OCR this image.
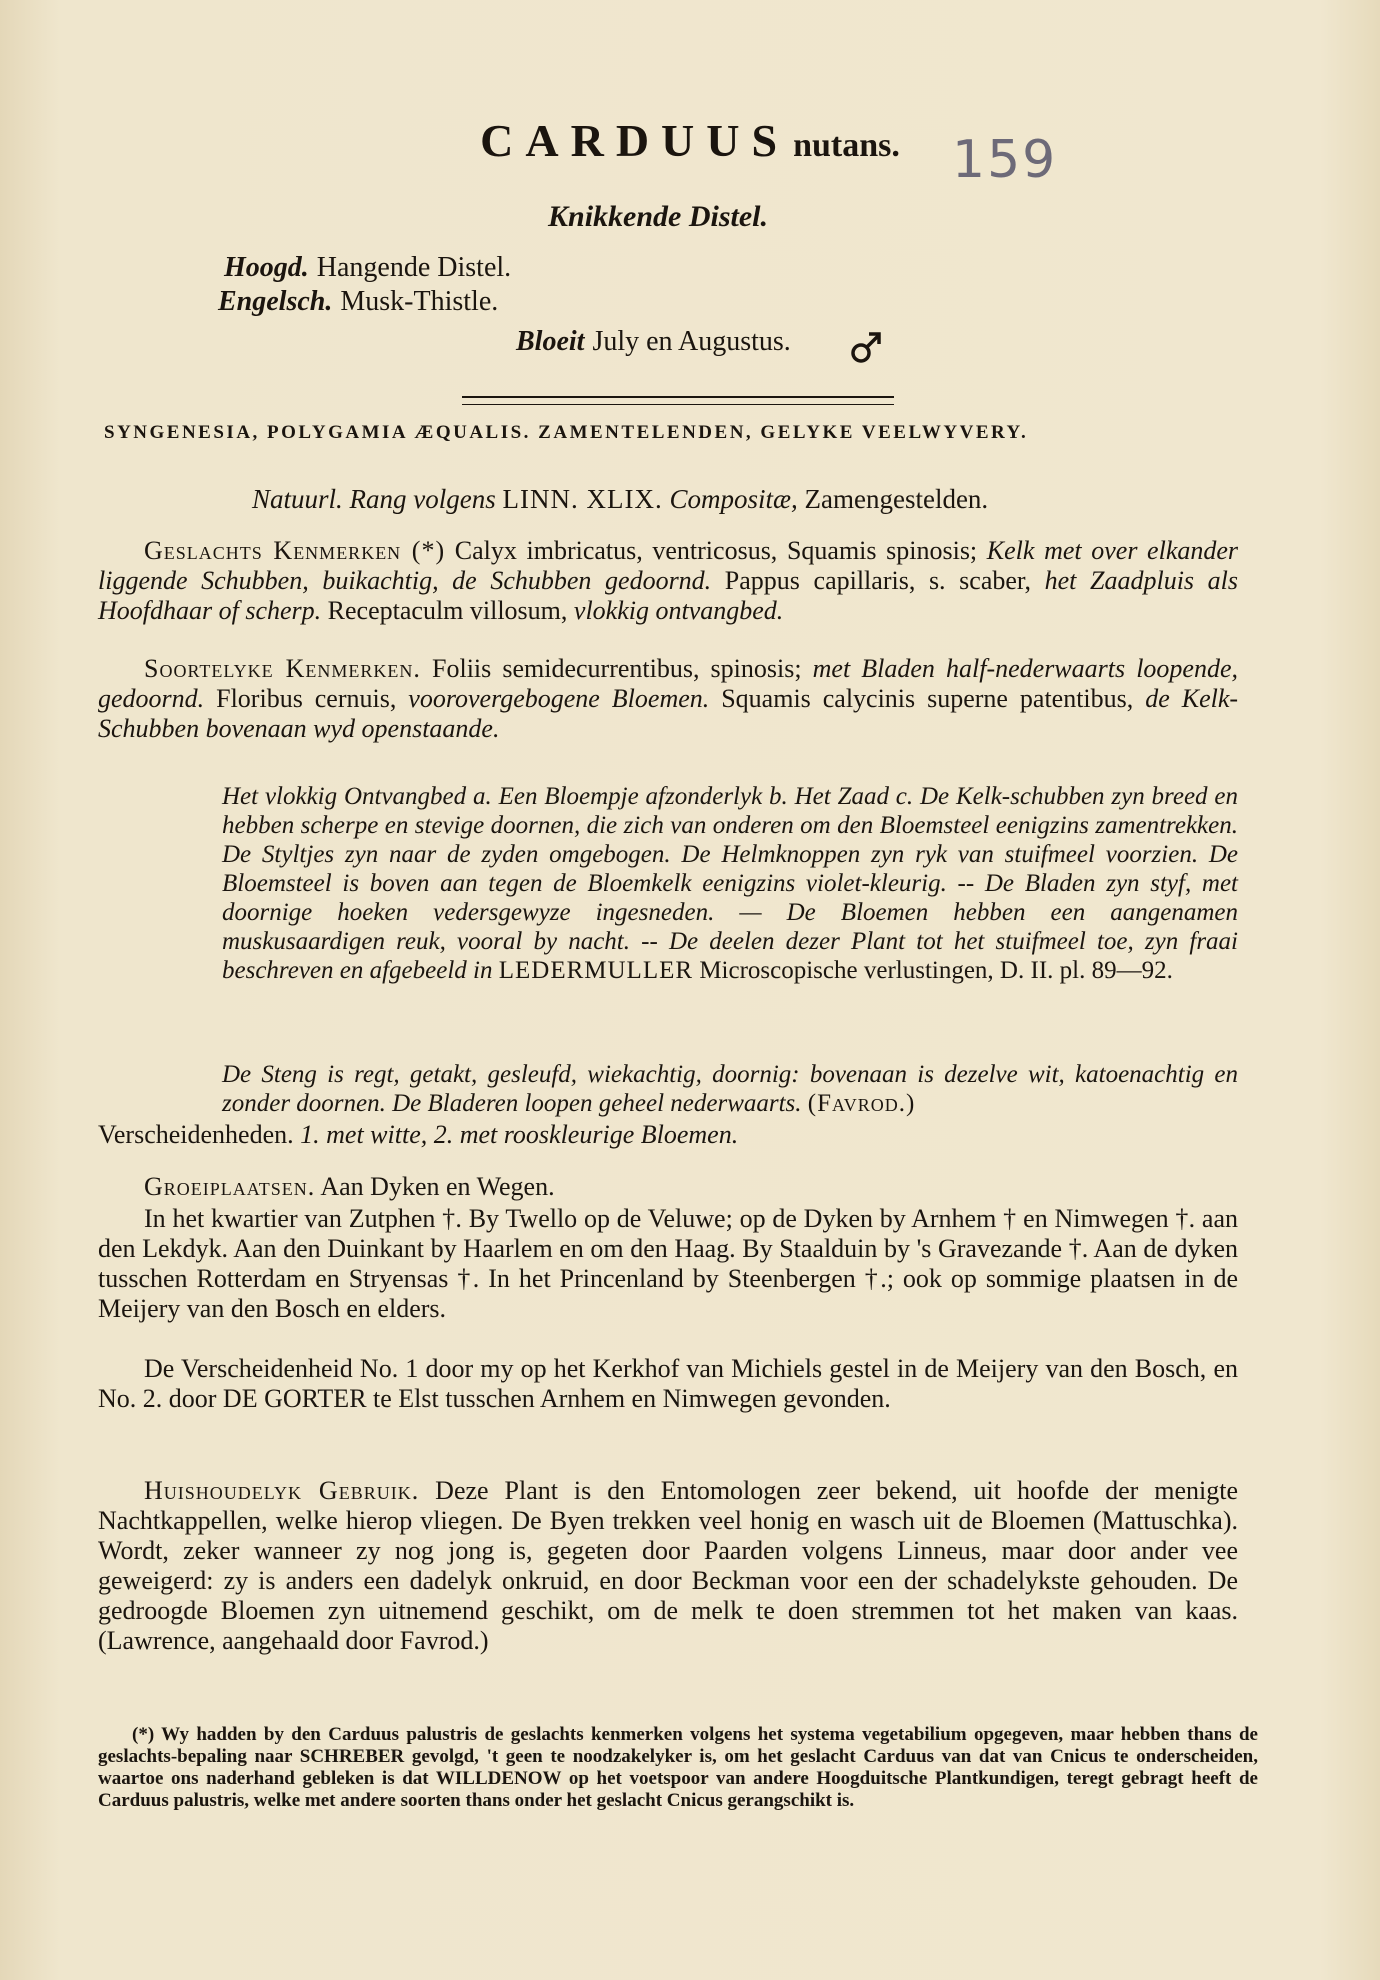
159
CARDUUS nutans.
Knikkende Distel.
Hoogd. Hangende Distel.
Engelsch. Musk-Thistle.
Bloeit July en Augustus.
SYNGENESIA, POLYGAMIA ÆQUALIS. ZAMENTELENDEN, GELYKE VEELWYVERY.
Natuurl. Rang volgens LINN. XLIX. Compositæ, Zamengestelden.
Geslachts Kenmerken (*) Calyx imbricatus, ventricosus, Squamis spinosis; Kelk met over elkander liggende Schubben, buikachtig, de Schubben gedoornd. Pappus capillaris, s. scaber, het Zaadpluis als Hoofdhaar of scherp. Receptaculm villosum, vlokkig ontvangbed.
Soortelyke Kenmerken. Foliis semidecurrentibus, spinosis; met Bladen half-nederwaarts loopende, gedoornd. Floribus cernuis, voorovergebogene Bloemen. Squamis calycinis superne patentibus, de Kelk-Schubben bovenaan wyd openstaande.
Het vlokkig Ontvangbed a. Een Bloempje afzonderlyk b. Het Zaad c. De Kelk-schubben zyn breed en hebben scherpe en stevige doornen, die zich van onderen om den Bloemsteel eenigzins zamentrekken. De Styltjes zyn naar de zyden omgebogen. De Helmknoppen zyn ryk van stuifmeel voorzien. De Bloemsteel is boven aan tegen de Bloemkelk eenigzins violet-kleurig. -- De Bladen zyn styf, met doornige hoeken vedersgewyze ingesneden. — De Bloemen hebben een aangenamen muskusaardigen reuk, vooral by nacht. -- De deelen dezer Plant tot het stuifmeel toe, zyn fraai beschreven en afgebeeld in LEDERMULLER Microscopische verlustingen, D. II. pl. 89—92.
De Steng is regt, getakt, gesleufd, wiekachtig, doornig: bovenaan is dezelve wit, katoenachtig en zonder doornen. De Bladeren loopen geheel nederwaarts. (Favrod.)
Verscheidenheden. 1. met witte, 2. met rooskleurige Bloemen.
Groeiplaatsen. Aan Dyken en Wegen.
In het kwartier van Zutphen †. By Twello op de Veluwe; op de Dyken by Arnhem † en Nimwegen †. aan den Lekdyk. Aan den Duinkant by Haarlem en om den Haag. By Staalduin by 's Gravezande †. Aan de dyken tusschen Rotterdam en Stryensas †. In het Princenland by Steenbergen †.; ook op sommige plaatsen in de Meijery van den Bosch en elders.
De Verscheidenheid No. 1 door my op het Kerkhof van Michiels gestel in de Meijery van den Bosch, en No. 2. door DE GORTER te Elst tusschen Arnhem en Nimwegen gevonden.
Huishoudelyk Gebruik. Deze Plant is den Entomologen zeer bekend, uit hoofde der menigte Nachtkappellen, welke hierop vliegen. De Byen trekken veel honig en wasch uit de Bloemen (Mattuschka). Wordt, zeker wanneer zy nog jong is, gegeten door Paarden volgens Linneus, maar door ander vee geweigerd: zy is anders een dadelyk onkruid, en door Beckman voor een der schadelykste gehouden. De gedroogde Bloemen zyn uitnemend geschikt, om de melk te doen stremmen tot het maken van kaas. (Lawrence, aangehaald door Favrod.)
(*) Wy hadden by den Carduus palustris de geslachts kenmerken volgens het systema vegetabilium opgegeven, maar hebben thans de geslachts-bepaling naar SCHREBER gevolgd, 't geen te noodzakelyker is, om het geslacht Carduus van dat van Cnicus te onderscheiden, waartoe ons naderhand gebleken is dat WILLDENOW op het voetspoor van andere Hoogduitsche Plantkundigen, teregt gebragt heeft de Carduus palustris, welke met andere soorten thans onder het geslacht Cnicus gerangschikt is.
